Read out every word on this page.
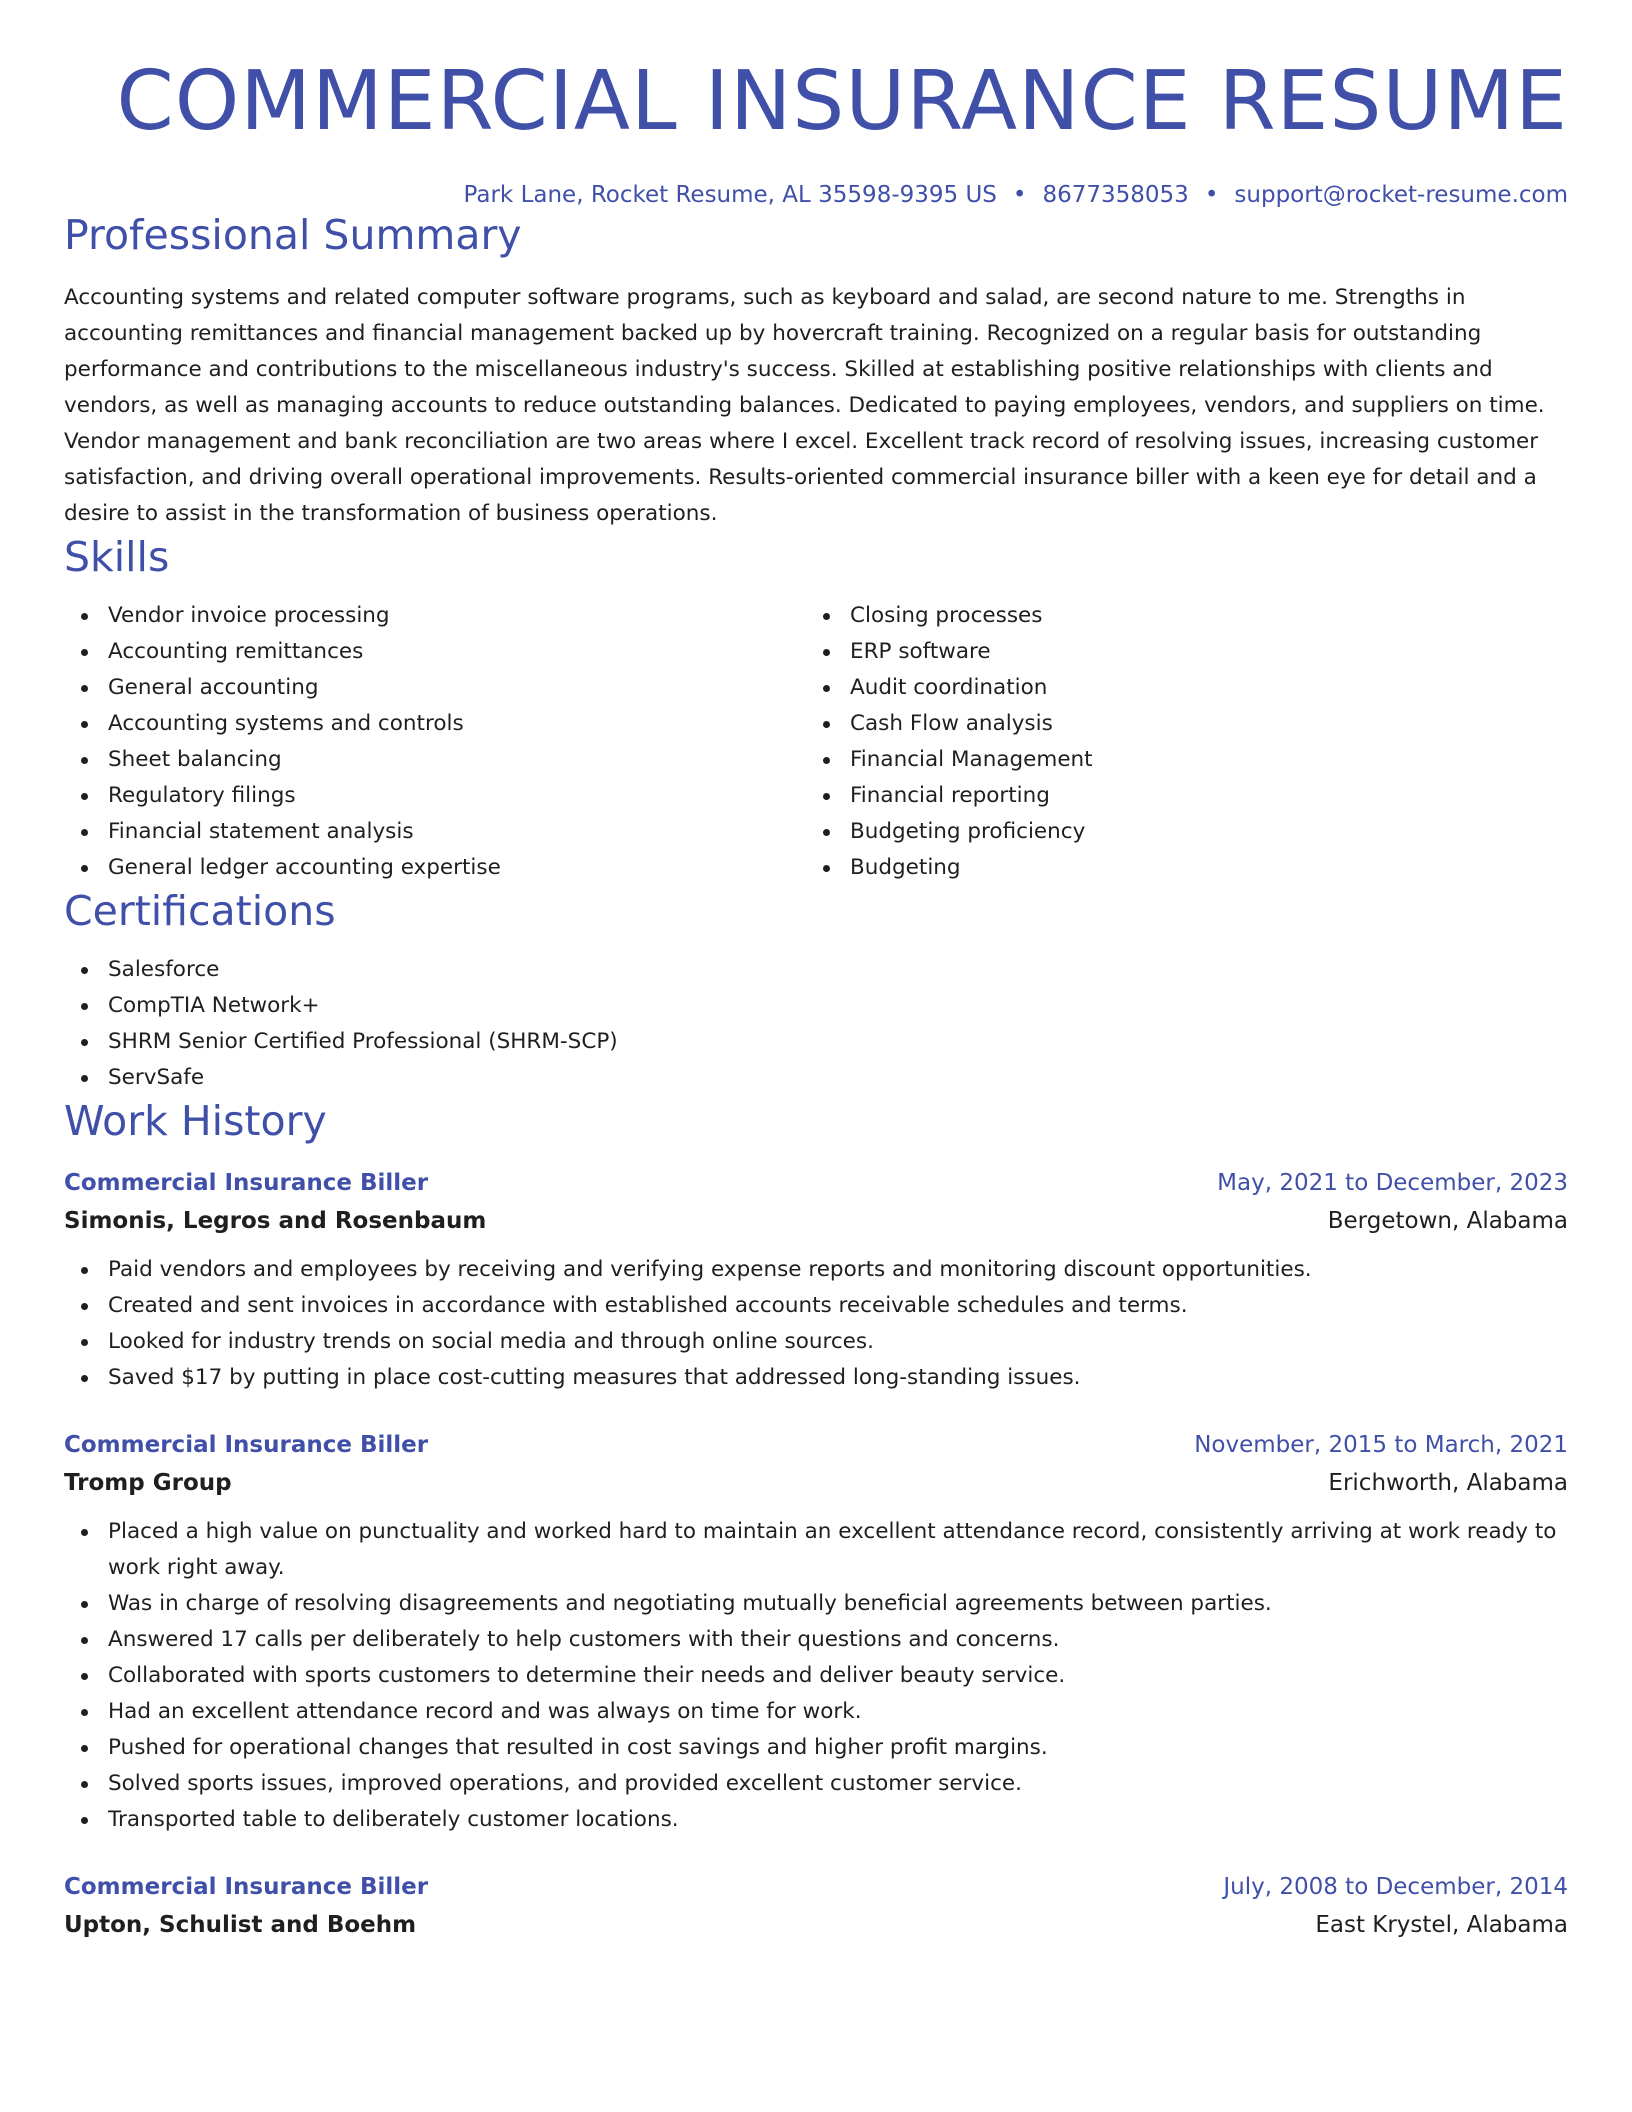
COMMERCIAL INSURANCE RESUME
Park Lane, Rocket Resume, AL 35598-9395 US • 8677358053 • support@rocket-resume.com
Professional Summary

Accounting systems and related computer software programs, such as keyboard and salad, are second nature to me. Strengths in accounting remittances and financial management backed up by hovercraft training. Recognized on a regular basis for outstanding performance and contributions to the miscellaneous industry's success. Skilled at establishing positive relationships with clients and vendors, as well as managing accounts to reduce outstanding balances. Dedicated to paying employees, vendors, and suppliers on time. Vendor management and bank reconciliation are two areas where I excel. Excellent track record of resolving issues, increasing customer satisfaction, and driving overall operational improvements. Results-oriented commercial insurance biller with a keen eye for detail and a desire to assist in the transformation of business operations.

Skills
Vendor invoice processing
Accounting remittances
General accounting
Accounting systems and controls
Sheet balancing
Regulatory filings
Financial statement analysis
General ledger accounting expertise
Closing processes
ERP software
Audit coordination
Cash Flow analysis
Financial Management
Financial reporting
Budgeting proficiency
Budgeting
Certifications
Salesforce
CompTIA Network+
SHRM Senior Certified Professional (SHRM-SCP)
ServSafe
Work History
Commercial Insurance Biller	May, 2021 to December, 2023
Simonis, Legros and Rosenbaum	Bergetown, Alabama
Paid vendors and employees by receiving and verifying expense reports and monitoring discount opportunities.
Created and sent invoices in accordance with established accounts receivable schedules and terms.
Looked for industry trends on social media and through online sources.
Saved $17 by putting in place cost-cutting measures that addressed long-standing issues.
Commercial Insurance Biller	November, 2015 to March, 2021
Tromp Group	Erichworth, Alabama
Placed a high value on punctuality and worked hard to maintain an excellent attendance record, consistently arriving at work ready to work right away.
Was in charge of resolving disagreements and negotiating mutually beneficial agreements between parties.
Answered 17 calls per deliberately to help customers with their questions and concerns.
Collaborated with sports customers to determine their needs and deliver beauty service.
Had an excellent attendance record and was always on time for work.
Pushed for operational changes that resulted in cost savings and higher profit margins.
Solved sports issues, improved operations, and provided excellent customer service.
Transported table to deliberately customer locations.
Commercial Insurance Biller	July, 2008 to December, 2014
Upton, Schulist and Boehm	East Krystel, Alabama
